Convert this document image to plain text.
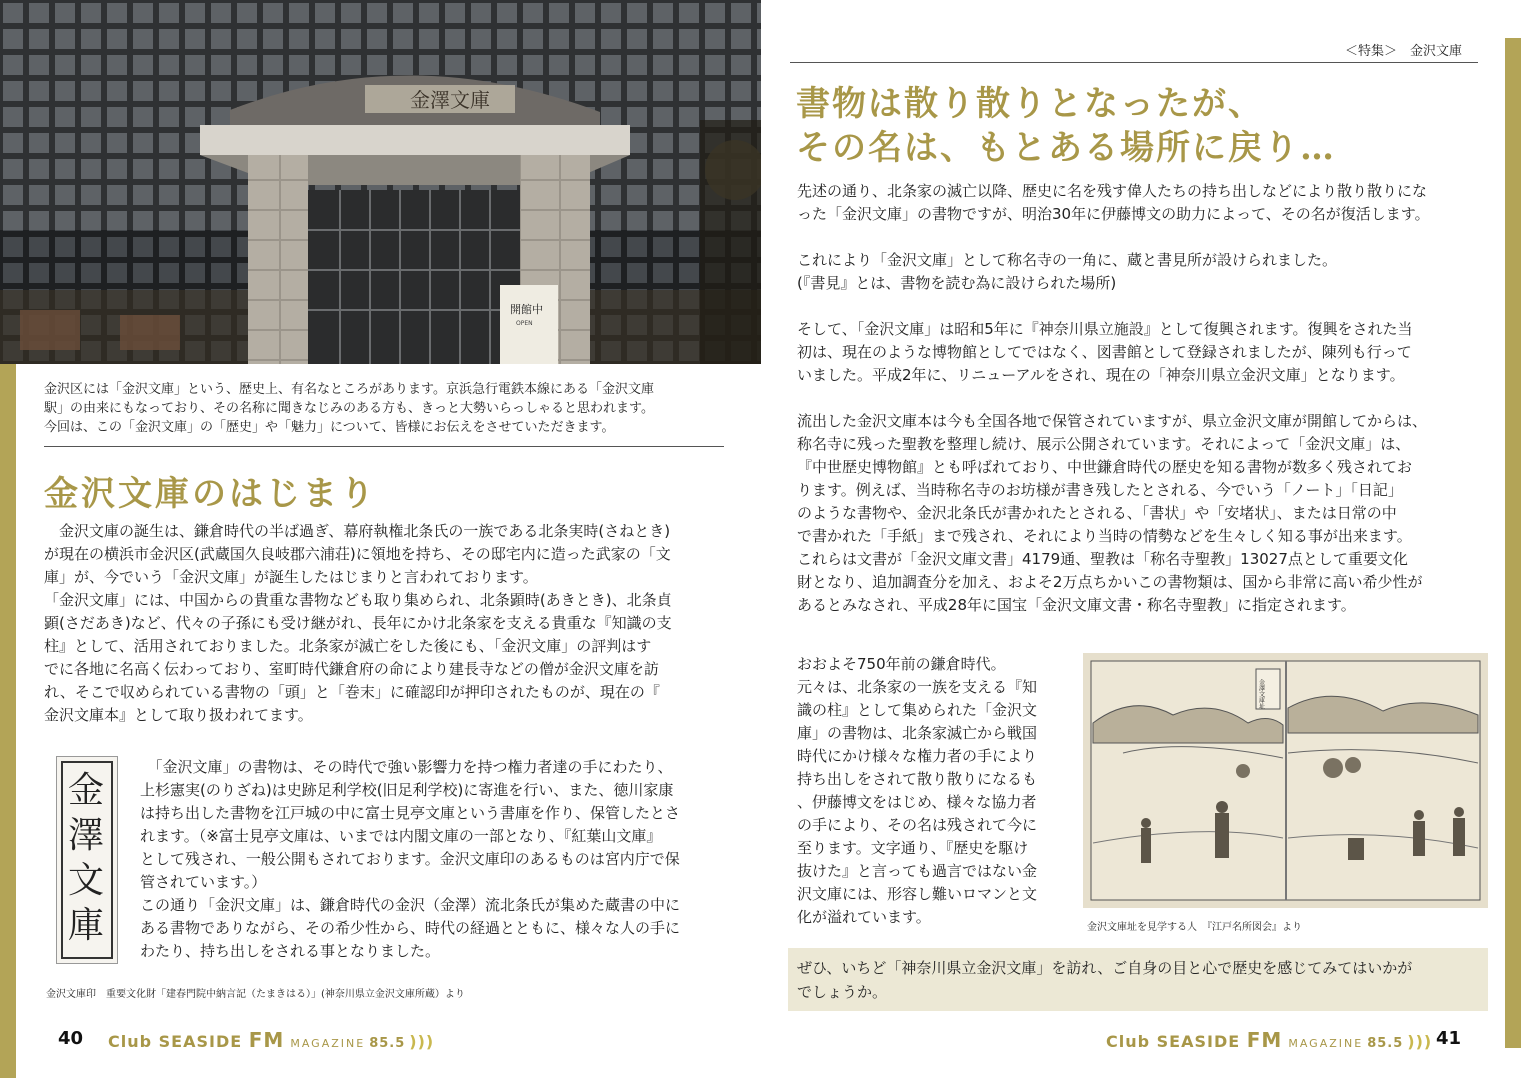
金澤文庫
開館中
OPEN
金沢区には「金沢文庫」という、歴史上、有名なところがあります。京浜急行電鉄本線にある「金沢文庫
駅」の由来にもなっており、その名称に聞きなじみのある方も、きっと大勢いらっしゃると思われます。
今回は、この「金沢文庫」の「歴史」や「魅力」について、皆様にお伝えをさせていただきます。
金沢文庫のはじまり

　金沢文庫の誕生は、鎌倉時代の半ば過ぎ、幕府執権北条氏の一族である北条実時(さねとき)

が現在の横浜市金沢区(武蔵国久良岐郡六浦荘)に領地を持ち、その邸宅内に造った武家の「文

庫」が、今でいう「金沢文庫」が誕生したはじまりと言われております。

「金沢文庫」には、中国からの貴重な書物なども取り集められ、北条顕時(あきとき)、北条貞

顕(さだあき)など、代々の子孫にも受け継がれ、長年にかけ北条家を支える貴重な『知識の支

柱』として、活用されておりました。北条家が滅亡をした後にも、「金沢文庫」の評判はす

でに各地に名高く伝わっており、室町時代鎌倉府の命により建長寺などの僧が金沢文庫を訪

れ、そこで収められている書物の「頭」と「巻末」に確認印が押印されたものが、現在の『

金沢文庫本』として取り扱われてます。

金
澤
文
庫

　「金沢文庫」の書物は、その時代で強い影響力を持つ権力者達の手にわたり、

上杉憲実(のりざね)は史跡足利学校(旧足利学校)に寄進を行い、また、徳川家康

は持ち出した書物を江戸城の中に富士見亭文庫という書庫を作り、保管したとさ

れます。（※富士見亭文庫は、いまでは内閣文庫の一部となり、『紅葉山文庫』

として残され、一般公開もされております。金沢文庫印のあるものは宮内庁で保

管されています。）

この通り「金沢文庫」は、鎌倉時代の金沢（金澤）流北条氏が集めた蔵書の中に

ある書物でありながら、その希少性から、時代の経過とともに、様々な人の手に

わたり、持ち出しをされる事となりました。

金沢文庫印　重要文化財「建春門院中納言記（たまきはる）」(神奈川県立金沢文庫所蔵）より
40 Club SEASIDE FM MAGAZINE 85.5 )))
＜特集＞　金沢文庫
書物は散り散りとなったが、
その名は、もとある場所に戻り…

先述の通り、北条家の滅亡以降、歴史に名を残す偉人たちの持ち出しなどにより散り散りにな

った「金沢文庫」の書物ですが、明治30年に伊藤博文の助力によって、その名が復活します。

これにより「金沢文庫」として称名寺の一角に、蔵と書見所が設けられました。

(『書見』とは、書物を読む為に設けられた場所)

そして、「金沢文庫」は昭和5年に『神奈川県立施設』として復興されます。復興をされた当

初は、現在のような博物館としてではなく、図書館として登録されましたが、陳列も行って

いました。平成2年に、リニューアルをされ、現在の「神奈川県立金沢文庫」となります。

流出した金沢文庫本は今も全国各地で保管されていますが、県立金沢文庫が開館してからは、

称名寺に残った聖教を整理し続け、展示公開されています。それによって「金沢文庫」は、

『中世歴史博物館』とも呼ばれており、中世鎌倉時代の歴史を知る書物が数多く残されてお

ります。例えば、当時称名寺のお坊様が書き残したとされる、今でいう「ノート」「日記」

のような書物や、金沢北条氏が書かれたとされる、「書状」や「安堵状」、または日常の中

で書かれた「手紙」まで残され、それにより当時の情勢などを生々しく知る事が出来ます。

これらは文書が「金沢文庫文書」4179通、聖教は「称名寺聖教」13027点として重要文化

財となり、追加調査分を加え、およそ2万点ちかいこの書物類は、国から非常に高い希少性が

あるとみなされ、平成28年に国宝「金沢文庫文書・称名寺聖教」に指定されます。

おおよそ750年前の鎌倉時代。

元々は、北条家の一族を支える『知

識の柱』として集められた「金沢文

庫」の書物は、北条家滅亡から戦国

時代にかけ様々な権力者の手により

持ち出しをされて散り散りになるも

、伊藤博文をはじめ、様々な協力者

の手により、その名は残されて今に

至ります。文字通り、『歴史を駆け

抜けた』と言っても過言ではない金

沢文庫には、形容し難いロマンと文

化が溢れています。

金澤文庫址
金沢文庫址を見学する人　『江戸名所図会』より

ぜひ、いちど「神奈川県立金沢文庫」を訪れ、ご自身の目と心で歴史を感じてみてはいかが

でしょうか。

Club SEASIDE FM MAGAZINE 85.5 ))) 41
